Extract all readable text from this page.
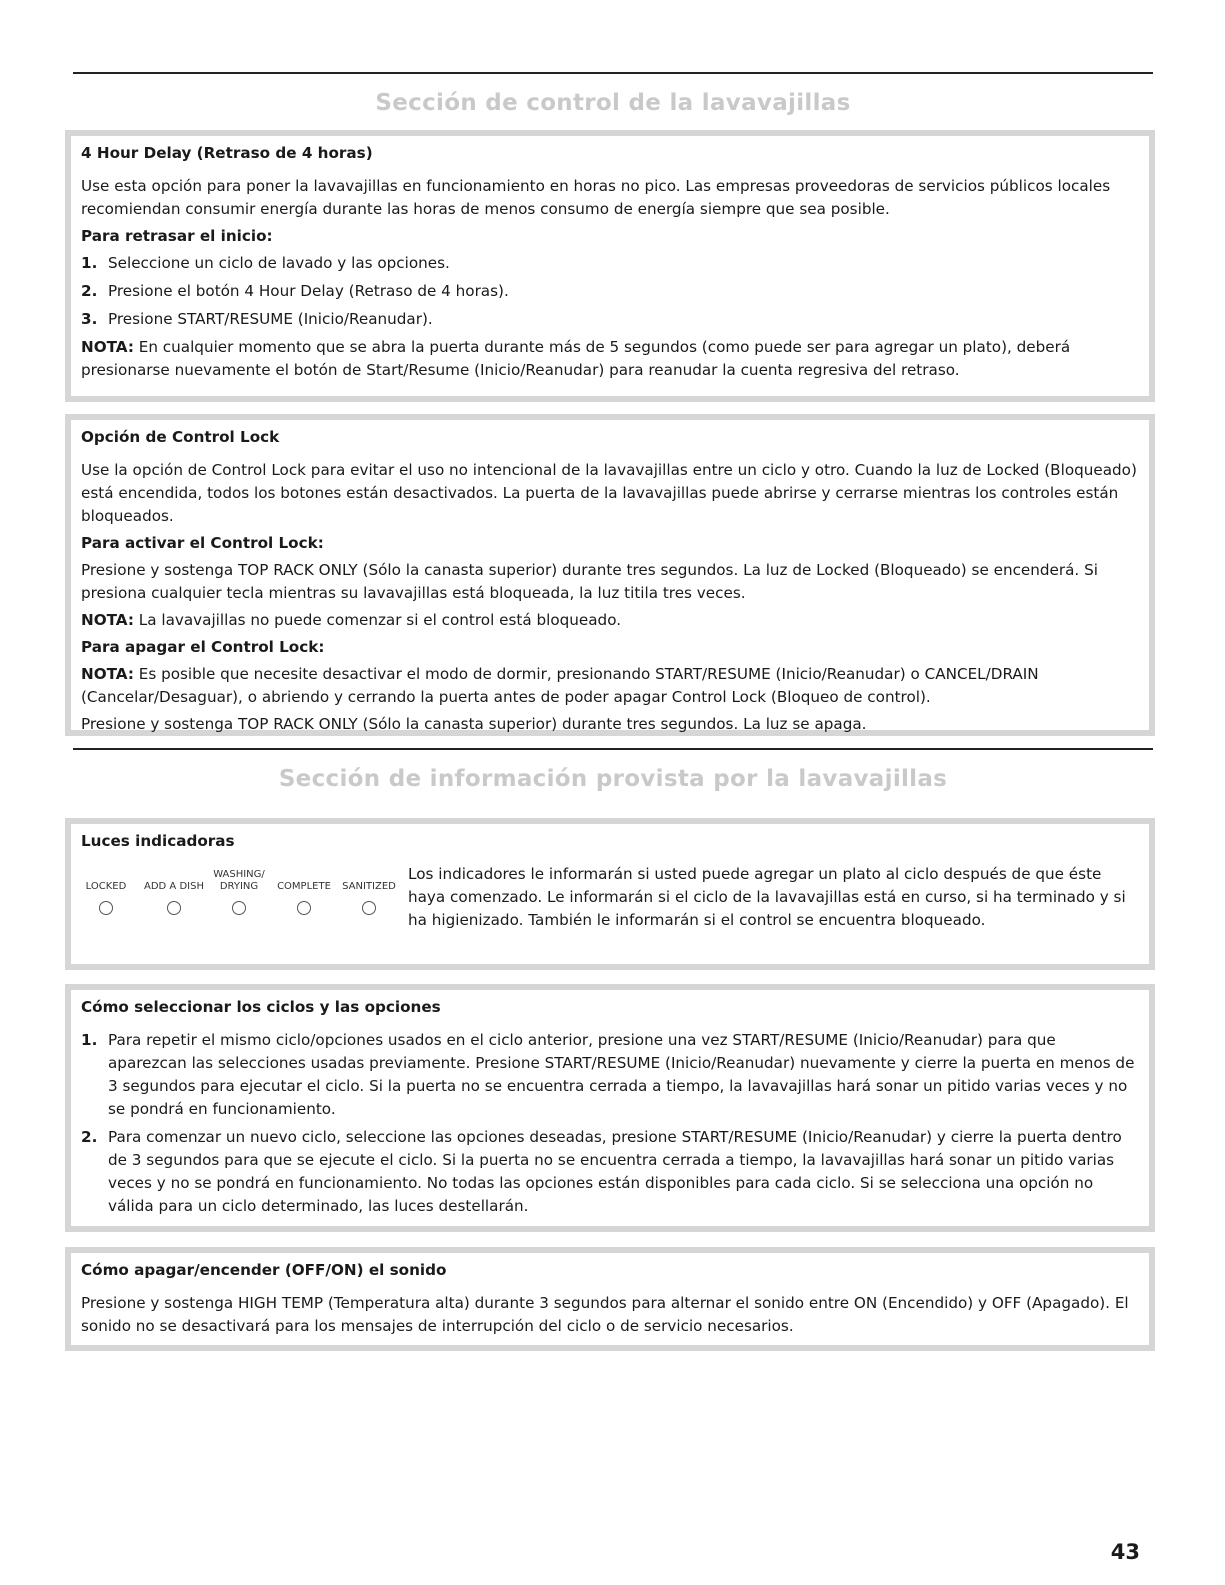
Sección de control de la lavavajillas
4 Hour Delay (Retraso de 4 horas)

Use esta opción para poner la lavavajillas en funcionamiento en horas no pico. Las empresas proveedoras de servicios públicos locales recomiendan consumir energía durante las horas de menos consumo de energía siempre que sea posible.

Para retrasar el inicio:

1. Seleccione un ciclo de lavado y las opciones.
2. Presione el botón 4 Hour Delay (Retraso de 4 horas).
3. Presione START/RESUME (Inicio/Reanudar).

NOTA: En cualquier momento que se abra la puerta durante más de 5 segundos (como puede ser para agregar un plato), deberá presionarse nuevamente el botón de Start/Resume (Inicio/Reanudar) para reanudar la cuenta regresiva del retraso.

Opción de Control Lock

Use la opción de Control Lock para evitar el uso no intencional de la lavavajillas entre un ciclo y otro. Cuando la luz de Locked (Bloqueado) está encendida, todos los botones están desactivados. La puerta de la lavavajillas puede abrirse y cerrarse mientras los controles están bloqueados.

Para activar el Control Lock:

Presione y sostenga TOP RACK ONLY (Sólo la canasta superior) durante tres segundos. La luz de Locked (Bloqueado) se encenderá. Si presiona cualquier tecla mientras su lavavajillas está bloqueada, la luz titila tres veces.

NOTA: La lavavajillas no puede comenzar si el control está bloqueado.

Para apagar el Control Lock:

NOTA: Es posible que necesite desactivar el modo de dormir, presionando START/RESUME (Inicio/Reanudar) o CANCEL/DRAIN (Cancelar/Desaguar), o abriendo y cerrando la puerta antes de poder apagar Control Lock (Bloqueo de control).

Presione y sostenga TOP RACK ONLY (Sólo la canasta superior) durante tres segundos. La luz se apaga.

Sección de información provista por la lavavajillas
Luces indicadoras
LOCKED	ADD A DISH
WASHING/ DRYING	COMPLETE	SANITIZED
Los indicadores le informarán si usted puede agregar un plato al ciclo después de que éste haya comenzado. Le informarán si el ciclo de la lavavajillas está en curso, si ha terminado y si ha higienizado. También le informarán si el control se encuentra bloqueado.
Cómo seleccionar los ciclos y las opciones
1. Para repetir el mismo ciclo/opciones usados en el ciclo anterior, presione una vez START/RESUME (Inicio/Reanudar) para que aparezcan las selecciones usadas previamente. Presione START/RESUME (Inicio/Reanudar) nuevamente y cierre la puerta en menos de 3 segundos para ejecutar el ciclo. Si la puerta no se encuentra cerrada a tiempo, la lavavajillas hará sonar un pitido varias veces y no se pondrá en funcionamiento.
2. Para comenzar un nuevo ciclo, seleccione las opciones deseadas, presione START/RESUME (Inicio/Reanudar) y cierre la puerta dentro de 3 segundos para que se ejecute el ciclo. Si la puerta no se encuentra cerrada a tiempo, la lavavajillas hará sonar un pitido varias veces y no se pondrá en funcionamiento. No todas las opciones están disponibles para cada ciclo. Si se selecciona una opción no válida para un ciclo determinado, las luces destellarán.
Cómo apagar/encender (OFF/ON) el sonido

Presione y sostenga HIGH TEMP (Temperatura alta) durante 3 segundos para alternar el sonido entre ON (Encendido) y OFF (Apagado). El sonido no se desactivará para los mensajes de interrupción del ciclo o de servicio necesarios.

43
